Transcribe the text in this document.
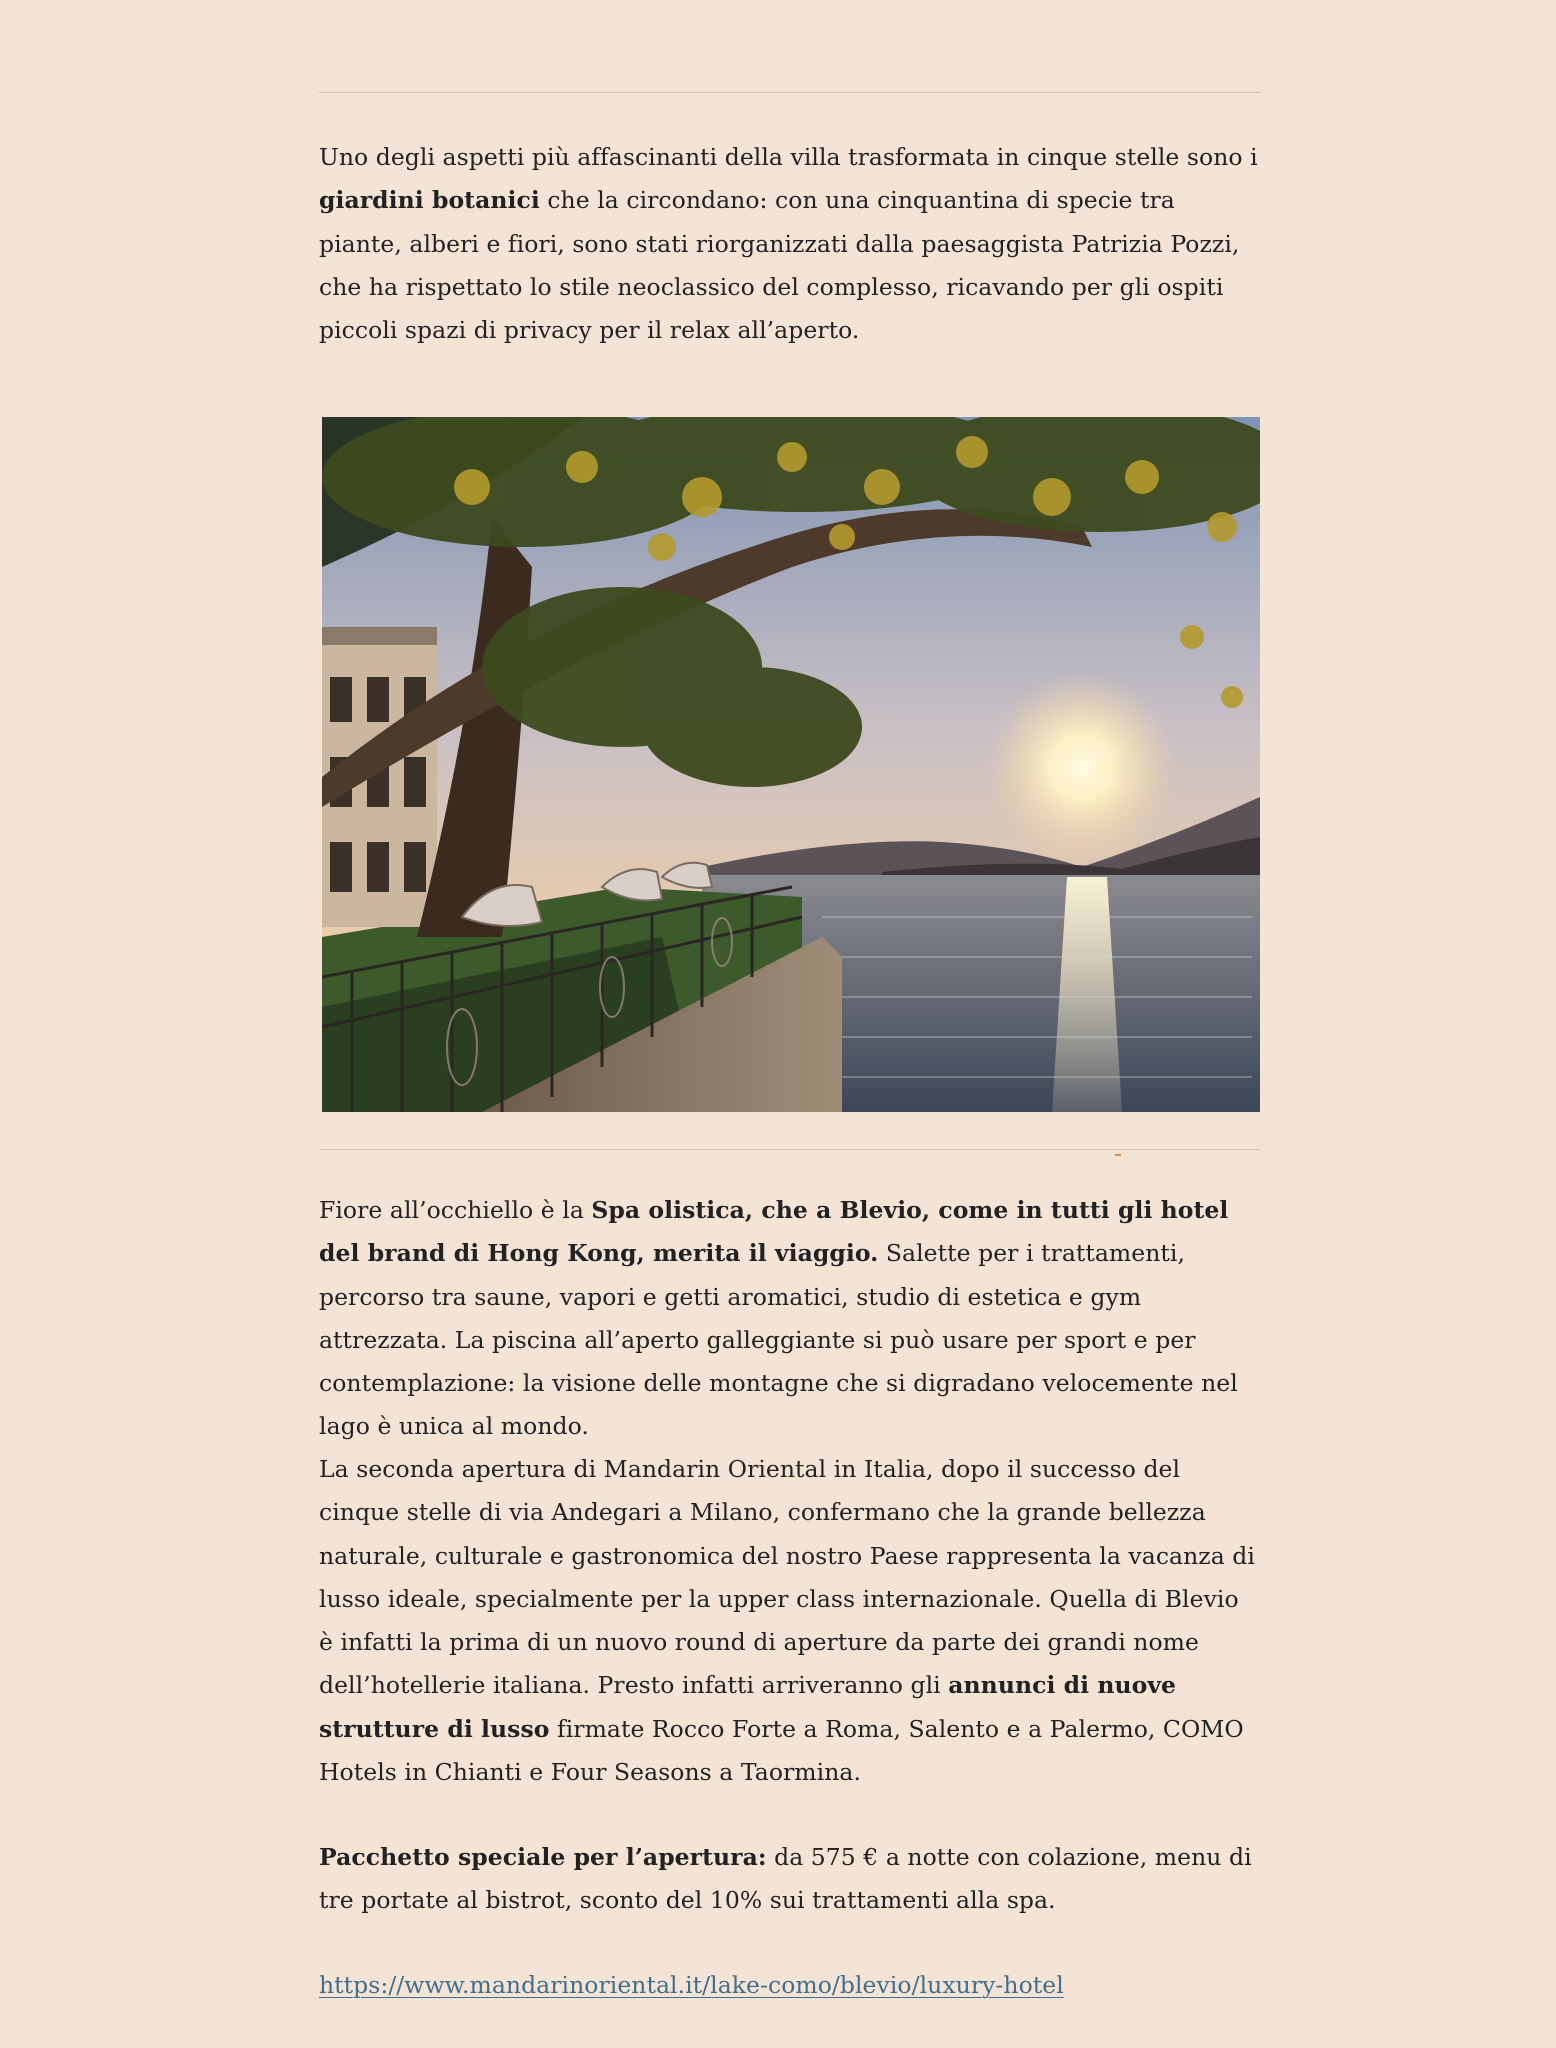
Uno degli aspetti più affascinanti della villa trasformata in cinque stelle sono i giardini botanici che la circondano: con una cinquantina di specie tra piante, alberi e fiori, sono stati riorganizzati dalla paesaggista Patrizia Pozzi, che ha rispettato lo stile neoclassico del complesso, ricavando per gli ospiti piccoli spazi di privacy per il relax all’aperto.

Fiore all’occhiello è la Spa olistica, che a Blevio, come in tutti gli hotel del brand di Hong Kong, merita il viaggio. Salette per i trattamenti, percorso tra saune, vapori e getti aromatici, studio di estetica e gym attrezzata. La piscina all’aperto galleggiante si può usare per sport e per contemplazione: la visione delle montagne che si digradano velocemente nel lago è unica al mondo.

La seconda apertura di Mandarin Oriental in Italia, dopo il successo del cinque stelle di via Andegari a Milano, confermano che la grande bellezza naturale, culturale e gastronomica del nostro Paese rappresenta la vacanza di lusso ideale, specialmente per la upper class internazionale. Quella di Blevio è infatti la prima di un nuovo round di aperture da parte dei grandi nome dell’hotellerie italiana. Presto infatti arriveranno gli annunci di nuove strutture di lusso firmate Rocco Forte a Roma, Salento e a Palermo, COMO Hotels in Chianti e Four Seasons a Taormina.

Pacchetto speciale per l’apertura: da 575 € a notte con colazione, menu di tre portate al bistrot, sconto del 10% sui trattamenti alla spa.

https://www.mandarinoriental.it/lake-como/blevio/luxury-hotel
